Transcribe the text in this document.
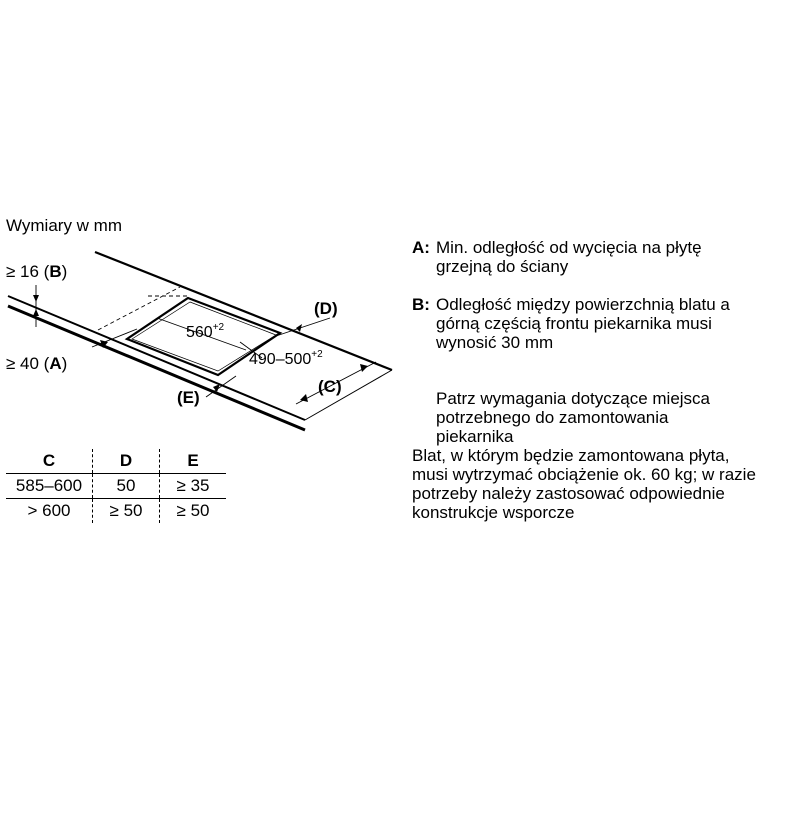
Wymiary w mm
≥ 16 (B)
≥ 40 (A)
(D)
(C)
(E)
$560^{+2}$
$490-500^{+2}$
C	D	E
585–600	50	≥ 35
> 600	≥ 50	≥ 50
A: Min. odległość od wycięcia na płytę
grzejną do ściany
B: Odległość między powierzchnią blatu a
górną częścią frontu piekarnika musi
wynosić 30 mm
Patrz wymagania dotyczące miejsca
potrzebnego do zamontowania
piekarnika
Blat, w którym będzie zamontowana płyta,
musi wytrzymać obciążenie ok. 60 kg; w razie
potrzeby należy zastosować odpowiednie
konstrukcje wsporcze
